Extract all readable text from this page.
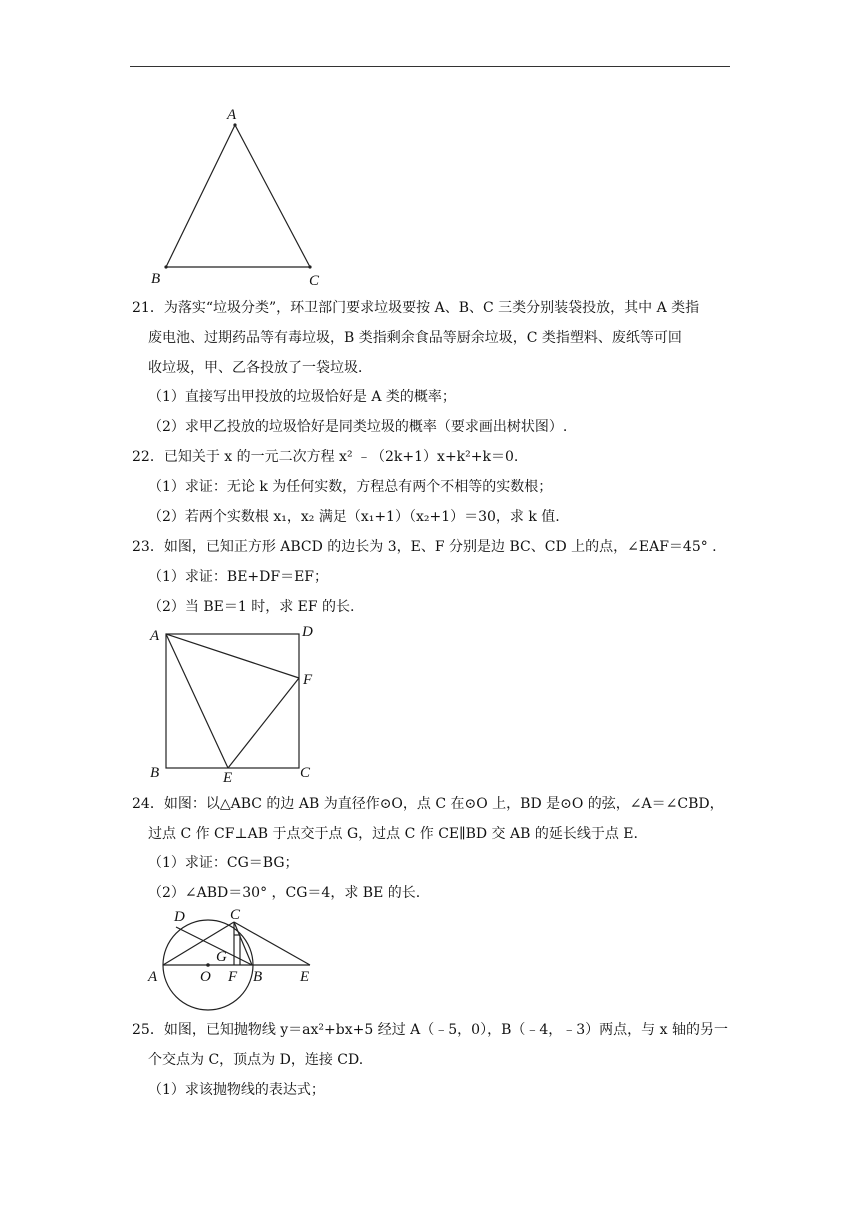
A
B	C
21．为落实“垃圾分类”，环卫部门要求垃圾要按 A、B、C 三类分别装袋投放，其中 A 类指
废电池、过期药品等有毒垃圾，B 类指剩余食品等厨余垃圾，C 类指塑料、废纸等可回
收垃圾，甲、乙各投放了一袋垃圾．
（1）直接写出甲投放的垃圾恰好是 A 类的概率；
（2）求甲乙投放的垃圾恰好是同类垃圾的概率（要求画出树状图）.
22．已知关于 x 的一元二次方程 x² ﹣（2k+1）x+k²+k＝0.
（1）求证：无论 k 为任何实数，方程总有两个不相等的实数根；
（2）若两个实数根 x₁，x₂ 满足（x₁+1）（x₂+1）＝30，求 k 值.
23．如图，已知正方形 ABCD 的边长为 3，E、F 分别是边 BC、CD 上的点，∠EAF＝45° .
（1）求证：BE+DF＝EF；
（2）当 BE＝1 时，求 EF 的长.
A	D
F
B	E	C
24．如图：以△ABC 的边 AB 为直径作⊙O，点 C 在⊙O 上，BD 是⊙O 的弦，∠A＝∠CBD，
过点 C 作 CF⊥AB 于点交于点 G，过点 C 作 CE∥BD 交 AB 的延长线于点 E.
（1）求证：CG＝BG；
（2）∠ABD＝30° ，CG＝4，求 BE 的长.
D	C
G
A	O F B	E
25．如图，已知抛物线 y＝ax²+bx+5 经过 A（﹣5，0），B（﹣4，﹣3）两点，与 x 轴的另一
个交点为 C，顶点为 D，连接 CD.
（1）求该抛物线的表达式；
